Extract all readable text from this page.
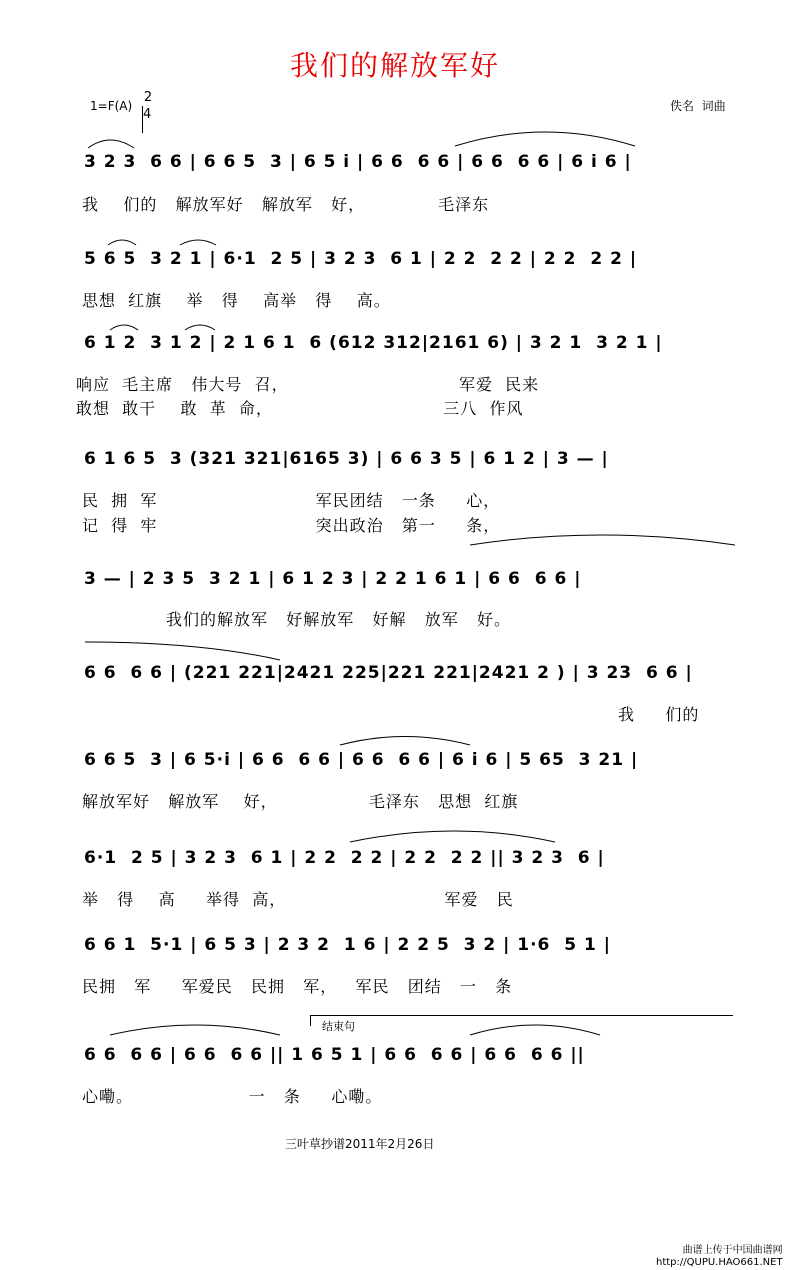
我们的解放军好
1=F(A)
2
4
佚名  词曲
3 2 3  6 6 | 6 6 5  3 | 6 5 i | 6 6  6 6 | 6 6  6 6 | 6 i 6 |
我    们的   解放军好   解放军   好，            毛泽东
5 6 5  3 2 1 | 6·1  2 5 | 3 2 3  6 1 | 2 2  2 2 | 2 2  2 2 |
思想  红旗    举   得    高举   得    高。
6 1 2  3 1 2 | 2 1 6 1  6 (612 312|2161 6) | 3 2 1  3 2 1 |
响应  毛主席   伟大号  召，                            军爱  民来
敢想  敢干    敢  革  命，                            三八  作风
6 1 6 5  3 (321 321|6165 3) | 6 6 3 5 | 6 1 2 | 3 — |
民  拥  军                          军民团结   一条     心，
记  得  牢                          突出政治   第一     条，
3 — | 2 3 5  3 2 1 | 6 1 2 3 | 2 2 1 6 1 | 6 6  6 6 |
我们的解放军   好解放军   好解   放军   好。
6 6  6 6 | (221 221|2421 225|221 221|2421 2 ) | 3 23  6 6 |
我     们的
6 6 5  3 | 6 5·i | 6 6  6 6 | 6 6  6 6 | 6 i 6 | 5 65  3 21 |
解放军好   解放军    好，               毛泽东   思想  红旗
6·1  2 5 | 3 2 3  6 1 | 2 2  2 2 | 2 2  2 2 || 3 2 3  6 |
举   得    高     举得  高，                          军爱   民
6 6 1  5·1 | 6 5 3 | 2 3 2  1 6 | 2 2 5  3 2 | 1·6  5 1 |
民拥   军     军爱民   民拥   军，   军民   团结   一   条
结束句
6 6  6 6 | 6 6  6 6 || 1 6 5 1 | 6 6  6 6 | 6 6  6 6 ||
心嘞。                   一   条     心嘞。
三叶草抄谱2011年2月26日
曲谱上传于中国曲谱网
http://QUPU.HAO661.NET
